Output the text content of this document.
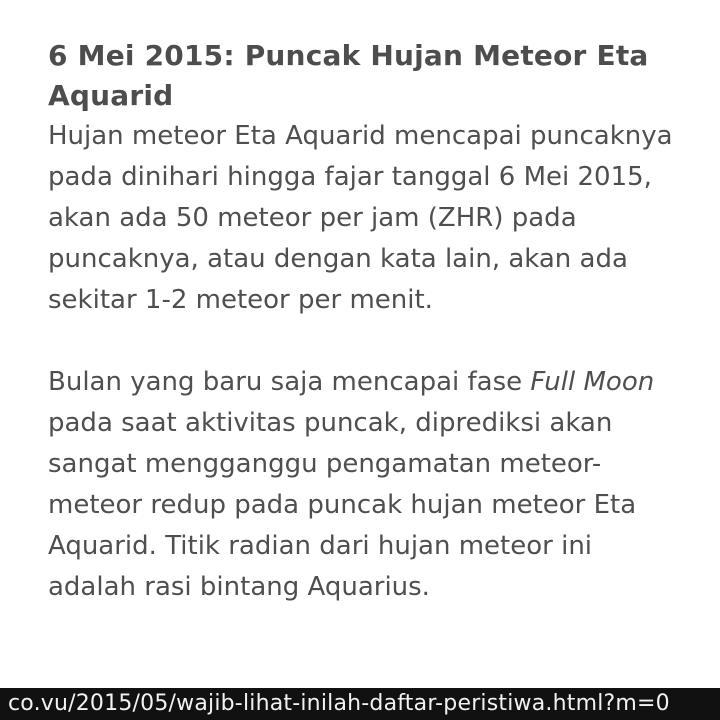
6 Mei 2015: Puncak Hujan Meteor Eta Aquarid

Hujan meteor Eta Aquarid mencapai puncaknya pada dinihari hingga fajar tanggal 6 Mei 2015, akan ada 50 meteor per jam (ZHR) pada puncaknya, atau dengan kata lain, akan ada sekitar 1-2 meteor per menit.

Bulan yang baru saja mencapai fase Full Moon pada saat aktivitas puncak, diprediksi akan sangat mengganggu pengamatan meteor-meteor redup pada puncak hujan meteor Eta Aquarid. Titik radian dari hujan meteor ini adalah rasi bintang Aquarius.

co.vu/2015/05/wajib-lihat-inilah-daftar-peristiwa.html?m=0
